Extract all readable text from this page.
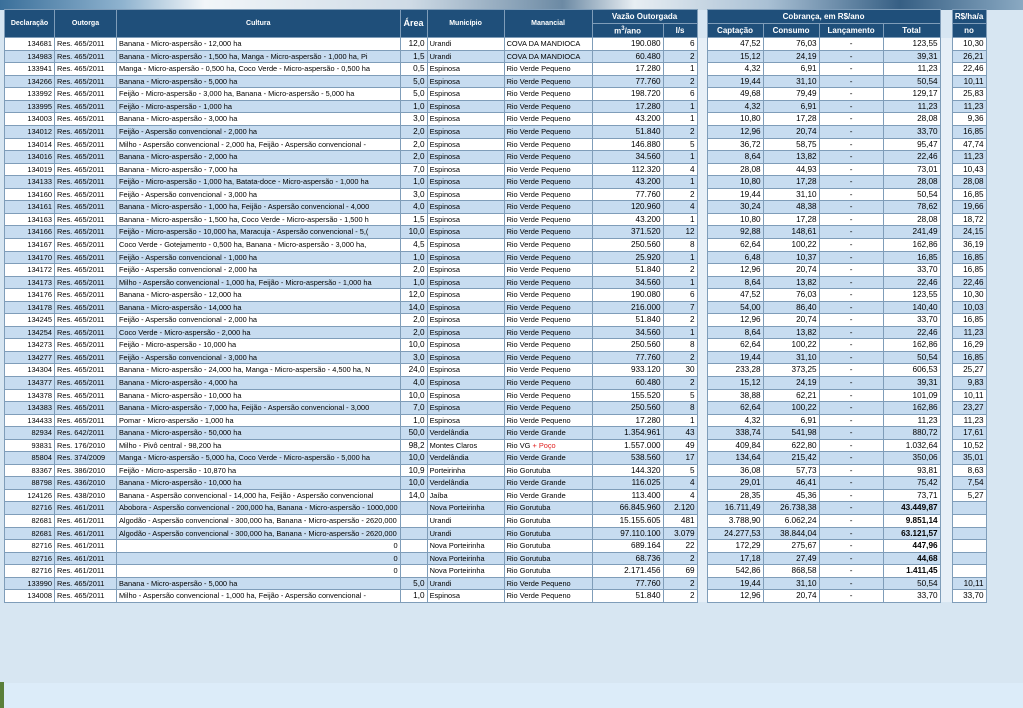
Declaração	Outorga	Cultura	Área	Município	Manancial	Vazão Outorgada			Cobrança, em R$/ano					R$/ha/a
						$m^3$/ano	l/s		Captação	Consumo	Lançamento	Total		no
134681	Res. 465/2011	Banana - Micro-aspersão - 12,000 ha	12,0	Urandi	COVA DA MANDIOCA	190.080	6		47,52	76,03	-	123,55		10,30
134983	Res. 465/2011	Banana - Micro-aspersão - 1,500 ha, Manga - Micro-aspersão - 1,000 ha, Pi	1,5	Urandi	COVA DA MANDIOCA	60.480	2		15,12	24,19	-	39,31		26,21
133941	Res. 465/2011	Manga - Micro-aspersão - 0,500 ha, Coco Verde - Micro-aspersão - 0,500 ha	0,5	Espinosa	Rio Verde Pequeno	17.280	1		4,32	6,91	-	11,23		22,46
134266	Res. 465/2011	Banana - Micro-aspersão - 5,000 ha	5,0	Espinosa	Rio Verde Pequeno	77.760	2		19,44	31,10	-	50,54		10,11
133992	Res. 465/2011	Feijão - Micro-aspersão - 3,000 ha, Banana - Micro-aspersão - 5,000 ha	5,0	Espinosa	Rio Verde Pequeno	198.720	6		49,68	79,49	-	129,17		25,83
133995	Res. 465/2011	Feijão - Micro-aspersão - 1,000 ha	1,0	Espinosa	Rio Verde Pequeno	17.280	1		4,32	6,91	-	11,23		11,23
134003	Res. 465/2011	Banana - Micro-aspersão - 3,000 ha	3,0	Espinosa	Rio Verde Pequeno	43.200	1		10,80	17,28	-	28,08		9,36
134012	Res. 465/2011	Feijão - Aspersão convencional - 2,000 ha	2,0	Espinosa	Rio Verde Pequeno	51.840	2		12,96	20,74	-	33,70		16,85
134014	Res. 465/2011	Milho - Aspersão convencional - 2,000 ha, Feijão - Aspersão convencional -	2,0	Espinosa	Rio Verde Pequeno	146.880	5		36,72	58,75	-	95,47		47,74
134016	Res. 465/2011	Banana - Micro-aspersão - 2,000 ha	2,0	Espinosa	Rio Verde Pequeno	34.560	1		8,64	13,82	-	22,46		11,23
134019	Res. 465/2011	Banana - Micro-aspersão - 7,000 ha	7,0	Espinosa	Rio Verde Pequeno	112.320	4		28,08	44,93	-	73,01		10,43
134133	Res. 465/2011	Feijão - Micro-aspersão - 1,000 ha, Batata-doce - Micro-aspersão - 1,000 ha	1,0	Espinosa	Rio Verde Pequeno	43.200	1		10,80	17,28	-	28,08		28,08
134160	Res. 465/2011	Feijão - Aspersão convencional - 3,000 ha	3,0	Espinosa	Rio Verde Pequeno	77.760	2		19,44	31,10	-	50,54		16,85
134161	Res. 465/2011	Banana - Micro-aspersão - 1,000 ha, Feijão - Aspersão convencional - 4,000	4,0	Espinosa	Rio Verde Pequeno	120.960	4		30,24	48,38	-	78,62		19,66
134163	Res. 465/2011	Banana - Micro-aspersão - 1,500 ha, Coco Verde - Micro-aspersão - 1,500 h	1,5	Espinosa	Rio Verde Pequeno	43.200	1		10,80	17,28	-	28,08		18,72
134166	Res. 465/2011	Feijão - Micro-aspersão - 10,000 ha, Maracuja - Aspersão convencional - 5,(	10,0	Espinosa	Rio Verde Pequeno	371.520	12		92,88	148,61	-	241,49		24,15
134167	Res. 465/2011	Coco Verde - Gotejamento - 0,500 ha, Banana - Micro-aspersão - 3,000 ha,	4,5	Espinosa	Rio Verde Pequeno	250.560	8		62,64	100,22	-	162,86		36,19
134170	Res. 465/2011	Feijão - Aspersão convencional - 1,000 ha	1,0	Espinosa	Rio Verde Pequeno	25.920	1		6,48	10,37	-	16,85		16,85
134172	Res. 465/2011	Feijão - Aspersão convencional - 2,000 ha	2,0	Espinosa	Rio Verde Pequeno	51.840	2		12,96	20,74	-	33,70		16,85
134173	Res. 465/2011	Milho - Aspersão convencional - 1,000 ha, Feijão - Micro-aspersão - 1,000 ha	1,0	Espinosa	Rio Verde Pequeno	34.560	1		8,64	13,82	-	22,46		22,46
134176	Res. 465/2011	Banana - Micro-aspersão - 12,000 ha	12,0	Espinosa	Rio Verde Pequeno	190.080	6		47,52	76,03	-	123,55		10,30
134178	Res. 465/2011	Banana - Micro-aspersão - 14,000 ha	14,0	Espinosa	Rio Verde Pequeno	216.000	7		54,00	86,40	-	140,40		10,03
134245	Res. 465/2011	Feijão - Aspersão convencional - 2,000 ha	2,0	Espinosa	Rio Verde Pequeno	51.840	2		12,96	20,74	-	33,70		16,85
134254	Res. 465/2011	Coco Verde - Micro-aspersão - 2,000 ha	2,0	Espinosa	Rio Verde Pequeno	34.560	1		8,64	13,82	-	22,46		11,23
134273	Res. 465/2011	Feijão - Micro-aspersão - 10,000 ha	10,0	Espinosa	Rio Verde Pequeno	250.560	8		62,64	100,22	-	162,86		16,29
134277	Res. 465/2011	Feijão - Aspersão convencional - 3,000 ha	3,0	Espinosa	Rio Verde Pequeno	77.760	2		19,44	31,10	-	50,54		16,85
134304	Res. 465/2011	Banana - Micro-aspersão - 24,000 ha, Manga - Micro-aspersão - 4,500 ha, N	24,0	Espinosa	Rio Verde Pequeno	933.120	30		233,28	373,25	-	606,53		25,27
134377	Res. 465/2011	Banana - Micro-aspersão - 4,000 ha	4,0	Espinosa	Rio Verde Pequeno	60.480	2		15,12	24,19	-	39,31		9,83
134378	Res. 465/2011	Banana - Micro-aspersão - 10,000 ha	10,0	Espinosa	Rio Verde Pequeno	155.520	5		38,88	62,21	-	101,09		10,11
134383	Res. 465/2011	Banana - Micro-aspersão - 7,000 ha, Feijão - Aspersão convencional - 3,000	7,0	Espinosa	Rio Verde Pequeno	250.560	8		62,64	100,22	-	162,86		23,27
134433	Res. 465/2011	Pomar - Micro-aspersão - 1,000 ha	1,0	Espinosa	Rio Verde Pequeno	17.280	1		4,32	6,91	-	11,23		11,23
82934	Res. 642/2011	Banana - Micro-aspersão - 50,000 ha	50,0	Verdelândia	Rio Verde Grande	1.354.961	43		338,74	541,98	-	880,72		17,61
93831	Res. 176/2010	Milho - Pivô central - 98,200 ha	98,2	Montes Claros	Rio VG + Poço	1.557.000	49		409,84	622,80	-	1.032,64		10,52
85804	Res. 374/2009	Manga - Micro-aspersão - 5,000 ha, Coco Verde - Micro-aspersão - 5,000 ha	10,0	Verdelândia	Rio Verde Grande	538.560	17		134,64	215,42	-	350,06		35,01
83367	Res. 386/2010	Feijão - Micro-aspersão - 10,870 ha	10,9	Porteirinha	Rio Gorutuba	144.320	5		36,08	57,73	-	93,81		8,63
88798	Res. 436/2010	Banana - Micro-aspersão - 10,000 ha	10,0	Verdelândia	Rio Verde Grande	116.025	4		29,01	46,41	-	75,42		7,54
124126	Res. 438/2010	Banana - Aspersão convencional - 14,000 ha, Feijão - Aspersão convencional	14,0	Jaíba	Rio Verde Grande	113.400	4		28,35	45,36	-	73,71		5,27
82716	Res. 461/2011	Abobora - Aspersão convencional - 200,000 ha, Banana - Micro-aspersão - 1000,000		Nova Porteirinha	Rio Gorutuba	66.845.960	2.120		16.711,49	26.738,38	-	43.449,87		
82681	Res. 461/2011	Algodão - Aspersão convencional - 300,000 ha, Banana - Micro-aspersão - 2620,000		Urandi	Rio Gorutuba	15.155.605	481		3.788,90	6.062,24	-	9.851,14		
82681	Res. 461/2011	Algodão - Aspersão convencional - 300,000 ha, Banana - Micro-aspersão - 2620,000		Urandi	Rio Gorutuba	97.110.100	3.079		24.277,53	38.844,04	-	63.121,57		
82716	Res. 461/2011	0		Nova Porteirinha	Rio Gorutuba	689.164	22		172,29	275,67	-	447,96		
82716	Res. 461/2011	0		Nova Porteirinha	Rio Gorutuba	68.736	2		17,18	27,49	-	44,68		
82716	Res. 461/2011	0		Nova Porteirinha	Rio Gorutuba	2.171.456	69		542,86	868,58	-	1.411,45		
133990	Res. 465/2011	Banana - Micro-aspersão - 5,000 ha	5,0	Urandi	Rio Verde Pequeno	77.760	2		19,44	31,10	-	50,54		10,11
134008	Res. 465/2011	Milho - Aspersão convencional - 1,000 ha, Feijão - Aspersão convencional -	1,0	Espinosa	Rio Verde Pequeno	51.840	2		12,96	20,74	-	33,70		33,70
